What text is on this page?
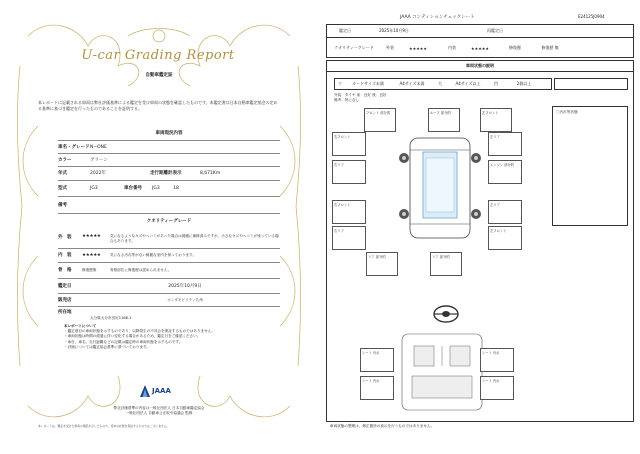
U-car Grading Report
自動車鑑定証
本レポートに記載される車両は弊社評価基準による鑑定を受け車両の状態を確認したものです。本鑑定書は日本自動車鑑定協会の定める基準に基づき鑑定を行ったものであることを証明する。
車両現況内容
車名・グレード N−ONE
カラー	グリーン
年式	2022年	走行距離計表示	8,671Km
型式	JG3	車台番号	JG3　　　18
備考
クオリティーグレード
外　装	★★★★★	気になるようなキズやヘコミがあった場合は綺麗に補修済みですが、小さなキズやヘコミが残っている場合もあります。
内　装	★★★★★	気になる汚れ等がない綺麗な室内を保っております。
骨　格	修復歴無	骨格部位に修復歴は認められません。
鑑定日	2025年10月9日
販売店	ホンダモビリティ九州
所在地
大分県大分市田尻1166-1
本レポートについて
・鑑定項目の車両状態を示すものであり、以降発生の不具合を保証するものではありません。
・車両状態は時間の経過に伴い変化する場合があるため、鑑定日をご確認ください。
・車台、車名、走行距離などの記載は鑑定時の車両状態を示すものです。
・評価については鑑定協会基準に基づいております。
JAAA
弊社評価基準の内容は一般社団法人 日本自動車鑑定協会
一般社団法人 自動車公正取引協議会 監修
本レポートは、鑑定を受けた車両の現況を示したもので、将来の状態を保証するものではございません。
JAAA コンディションチェックシート	E24125J0904
鑑定日	2025年10月9日	再鑑定日
クオリティーグレード	外装	★★★★★	内装	★★★★★	修復歴	修復歴 無
車両状態の説明
ウ	カードサイズ未満	A4サイズ未満	大	A4サイズ以上	凹	2個以上
外装：タイヤ 前：良好 後：良好
備考：特になし
〇汚れ等状態
フロント 部分的	ルーフ 部分的	左フロント
右フロント	左リア
右リア	エンジン 部分的
右フロント	左リア
右リア	左フロント
リア 部分的	リア 部分的
シート 汚れ	シート 汚れ
シート 汚れ	シート 汚れ
車両状態の整理は、修正箇所の表示を行うものではありません。
